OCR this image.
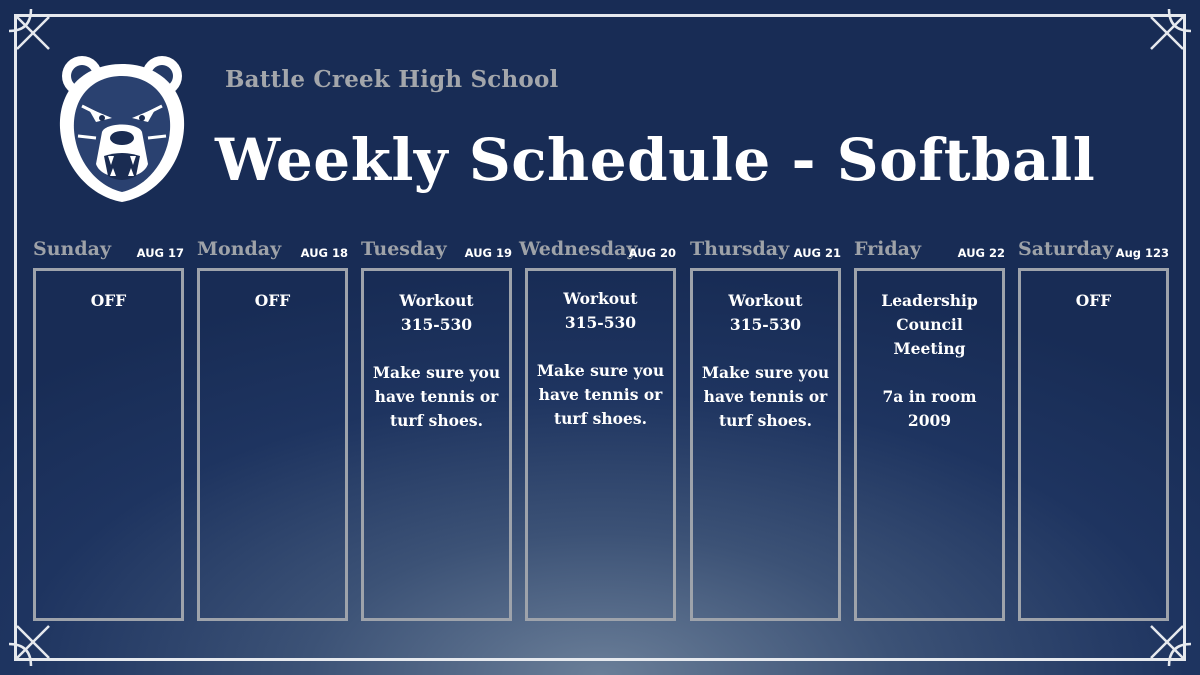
Battle Creek High School
Weekly Schedule - Softball
Sunday AUG 17
OFF
Monday AUG 18
OFF
Tuesday AUG 19
Workout
315-530

Make sure you have tennis or turf shoes.
Wednesday
AUG 20
Workout
315-530

Make sure you have tennis or turf shoes.
Thursday AUG 21
Workout
315-530

Make sure you have tennis or turf shoes.
Friday	AUG 22
Leadership Council Meeting

7a in room 2009
Saturday Aug 123
OFF
